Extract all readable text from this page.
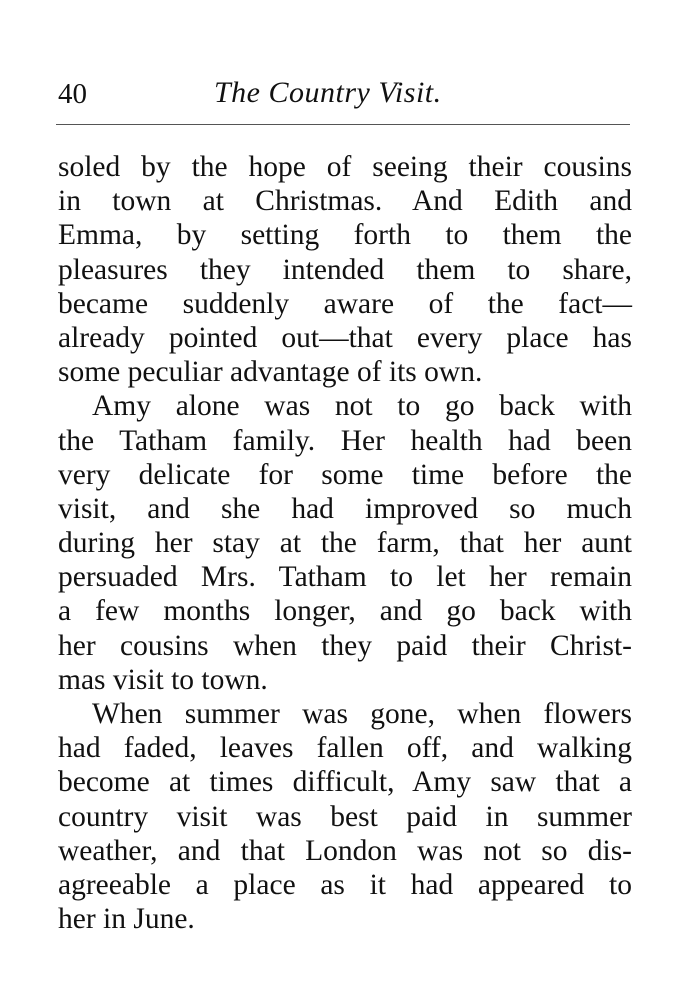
40	The Country Visit.
soled by the hope of seeing their cousins
in town at Christmas. And Edith and
Emma, by setting forth to them the
pleasures they intended them to share,
became suddenly aware of the fact—
already pointed out—that every place has
some peculiar advantage of its own.
Amy alone was not to go back with
the Tatham family. Her health had been
very delicate for some time before the
visit, and she had improved so much
during her stay at the farm, that her aunt
persuaded Mrs. Tatham to let her remain
a few months longer, and go back with
her cousins when they paid their Christ-
mas visit to town.
When summer was gone, when flowers
had faded, leaves fallen off, and walking
become at times difficult, Amy saw that a
country visit was best paid in summer
weather, and that London was not so dis-
agreeable a place as it had appeared to
her in June.
